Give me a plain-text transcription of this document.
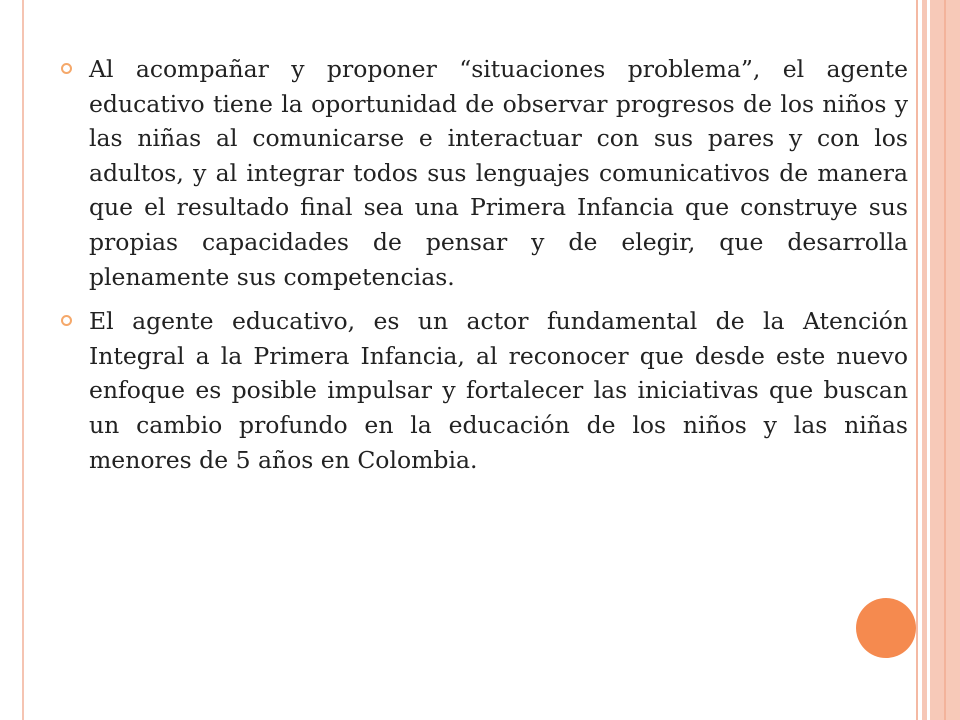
Al acompañar y proponer “situaciones problema”, el agente educativo tiene la oportunidad de observar progresos de los niños y las niñas al comunicarse e interactuar con sus pares y con los adultos, y al integrar todos sus lenguajes comunicativos de manera que el resultado final sea una Primera Infancia que construye sus propias capacidades de pensar y de elegir, que desarrolla plenamente sus competencias.
El agente educativo, es un actor fundamental de la Atención Integral a la Primera Infancia, al reconocer que desde este nuevo enfoque es posible impulsar y fortalecer las iniciativas que buscan un cambio profundo en la educación de los niños y las niñas menores de 5 años en Colombia.
